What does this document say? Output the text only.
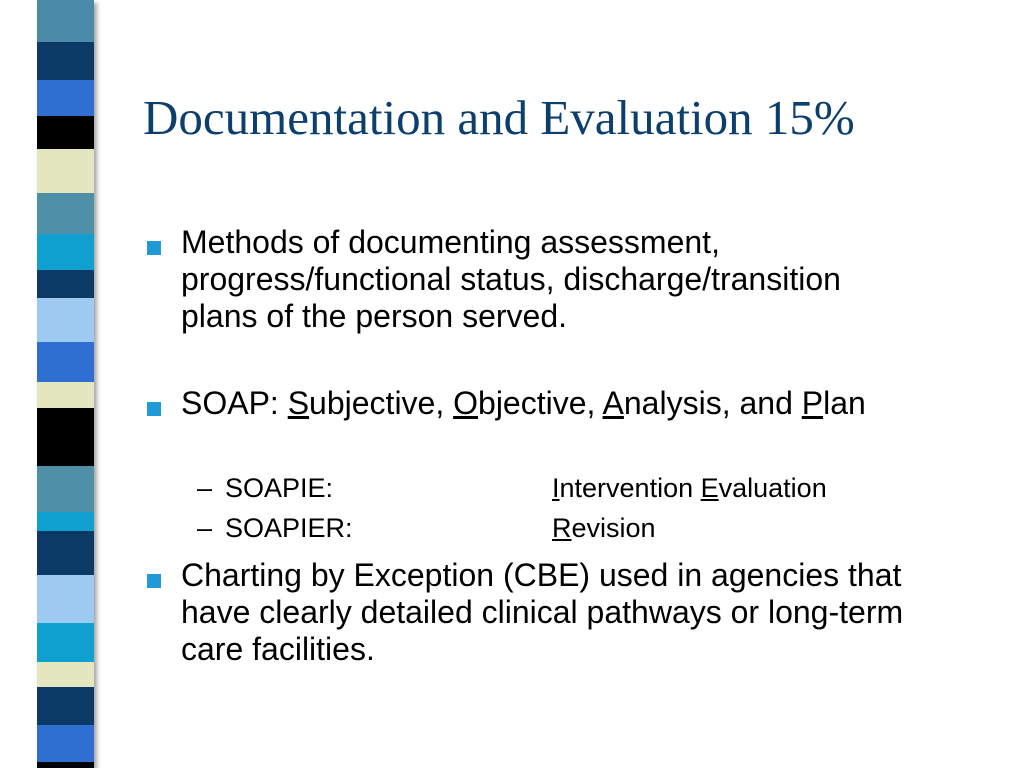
Documentation and Evaluation 15%

Methods of documenting assessment, progress/functional status, discharge/transition plans of the person served.

SOAP: Subjective, Objective, Analysis, and Plan

– SOAPIE:	Intervention Evaluation
– SOAPIER:	Revision

Charting by Exception (CBE) used in agencies that have clearly detailed clinical pathways or long-term care facilities.
